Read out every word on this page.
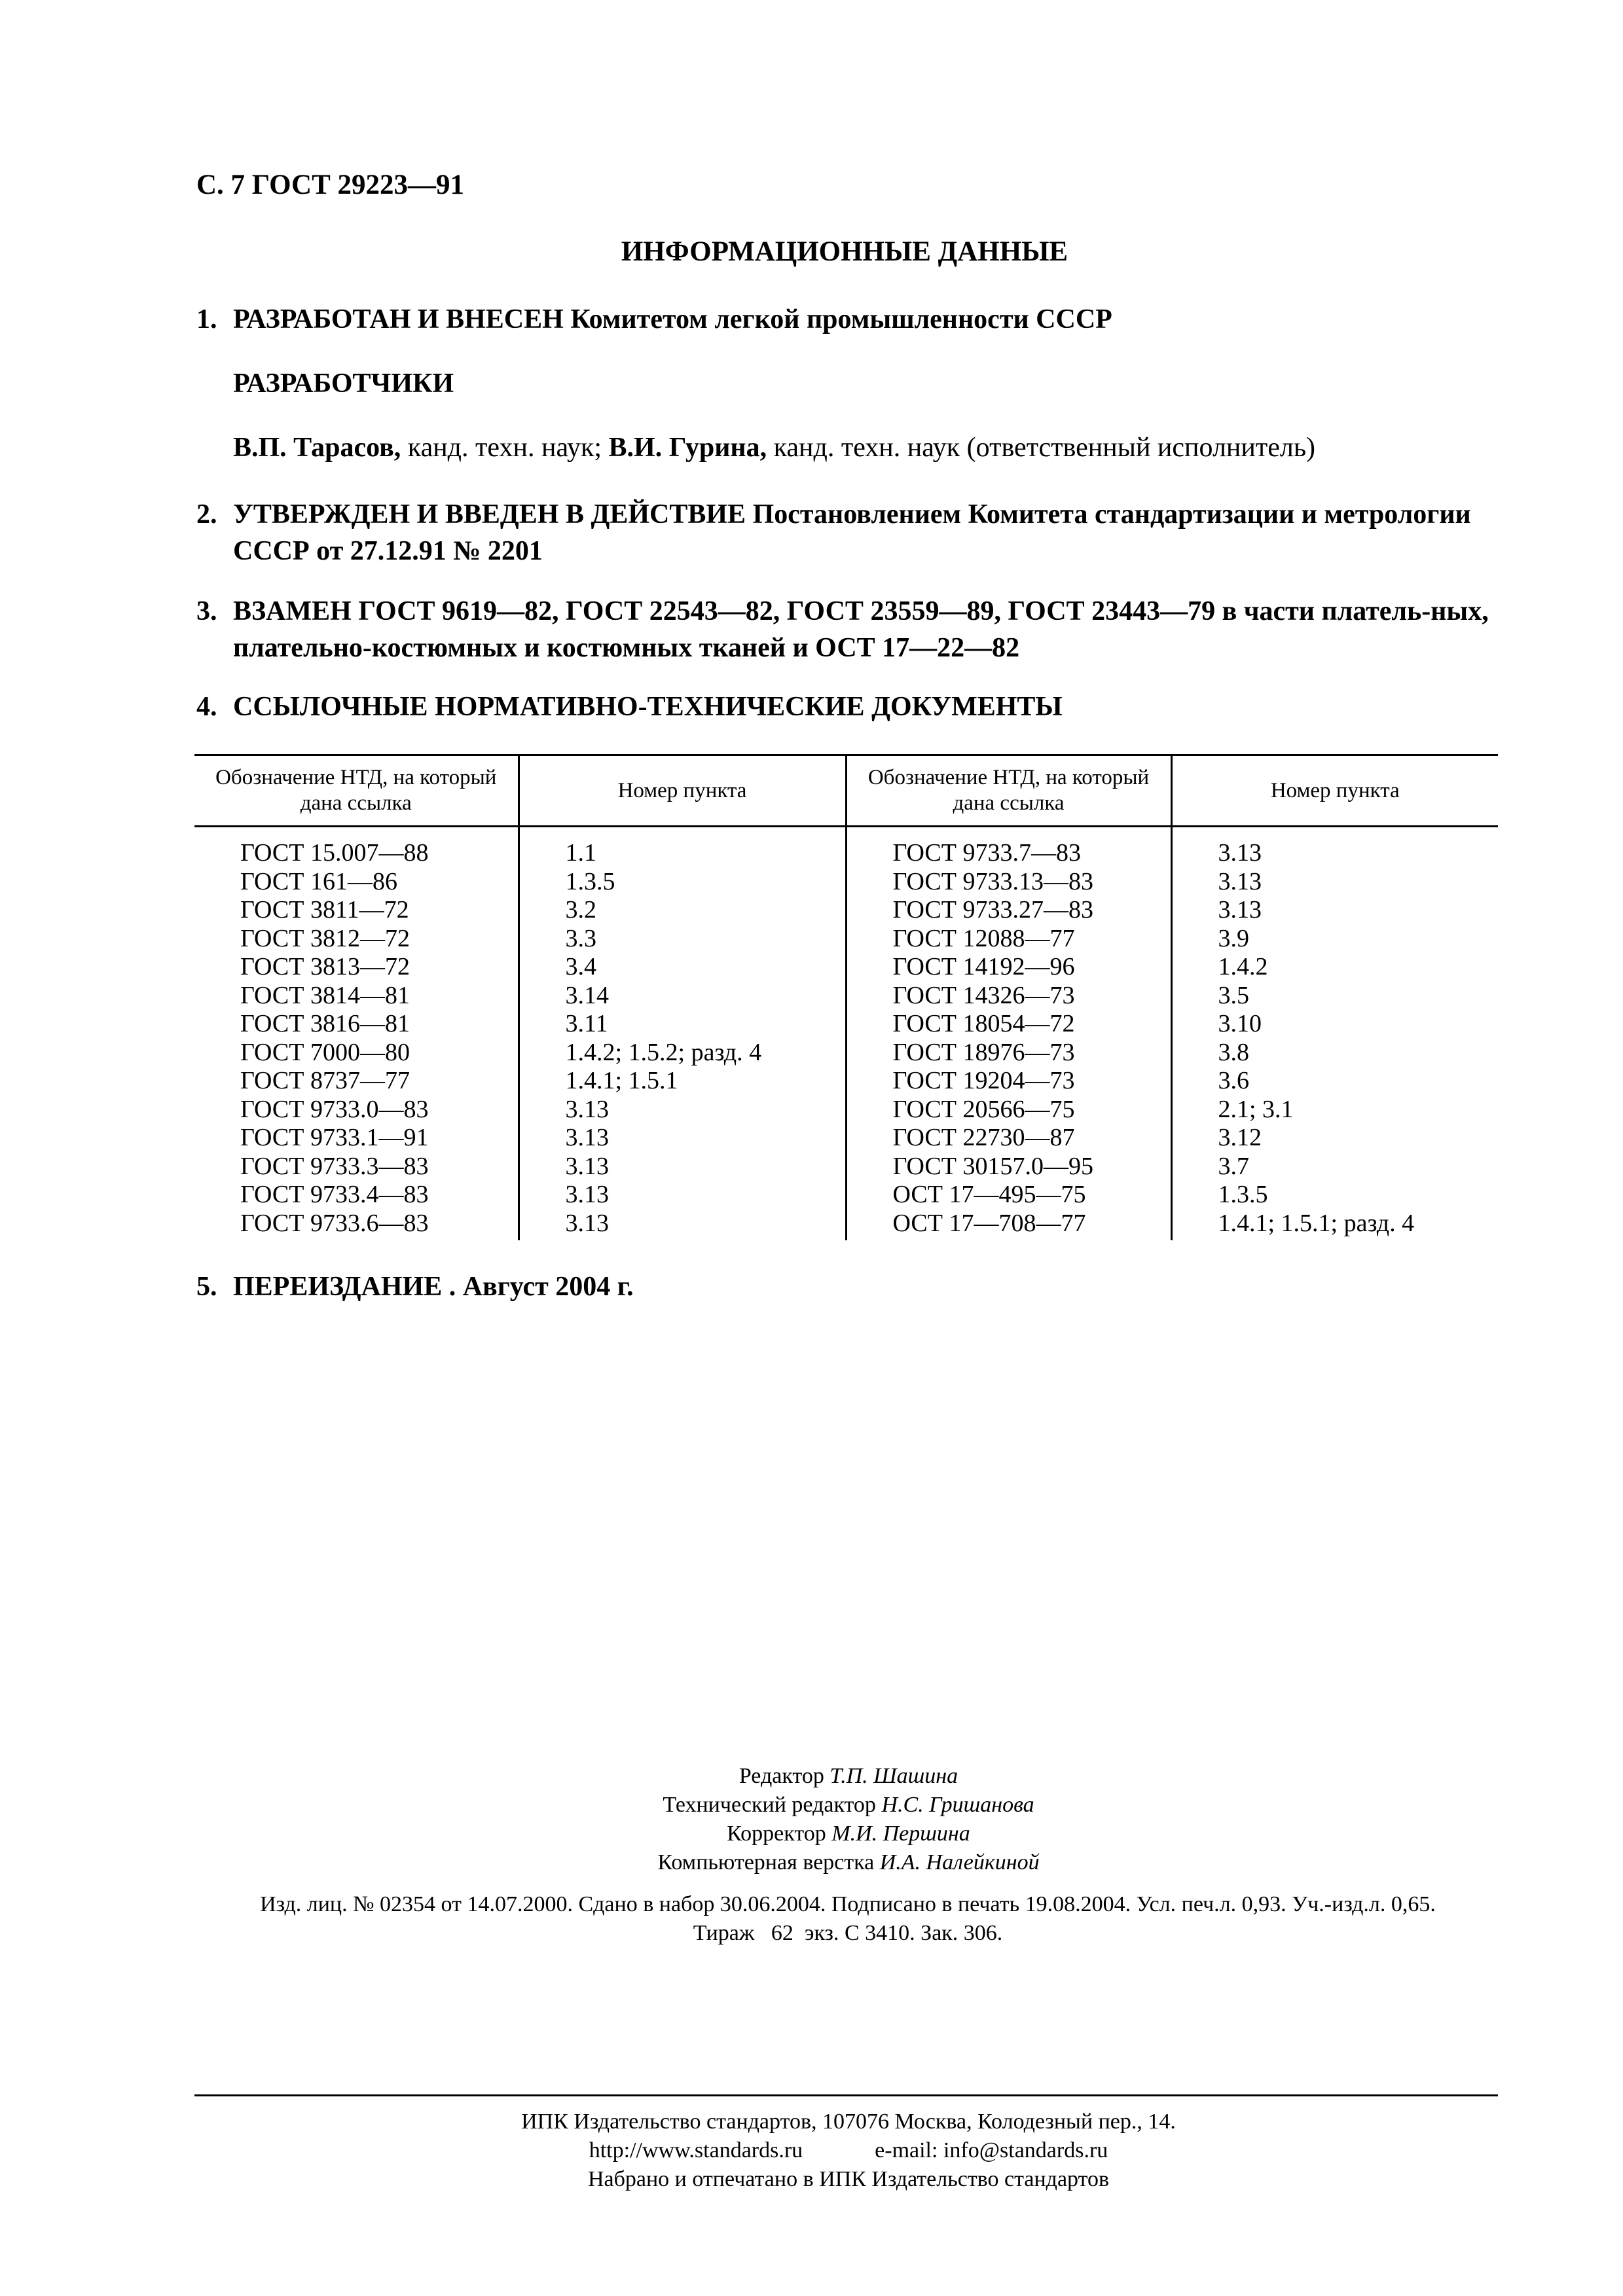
С. 7 ГОСТ 29223—91
ИНФОРМАЦИОННЫЕ ДАННЫЕ
1. РАЗРАБОТАН И ВНЕСЕН Комитетом легкой промышленности СССР
РАЗРАБОТЧИКИ
В.П. Тарасов, канд. техн. наук; В.И. Гурина, канд. техн. наук (ответственный исполнитель)
2. УТВЕРЖДЕН И ВВЕДЕН В ДЕЙСТВИЕ Постановлением Комитета стандартизации и метрологии СССР от 27.12.91 № 2201
3. ВЗАМЕН ГОСТ 9619—82, ГОСТ 22543—82, ГОСТ 23559—89, ГОСТ 23443—79 в части платель-ных, плательно-костюмных и костюмных тканей и ОСТ 17—22—82
4. ССЫЛОЧНЫЕ НОРМАТИВНО-ТЕХНИЧЕСКИЕ ДОКУМЕНТЫ
Обозначение НТД, на который дана ссылка	Номер пункта	Обозначение НТД, на который дана ссылка	Номер пункта
ГОСТ 15.007—88	1.1	ГОСТ 9733.7—83	3.13
ГОСТ 161—86	1.3.5	ГОСТ 9733.13—83	3.13
ГОСТ 3811—72	3.2	ГОСТ 9733.27—83	3.13
ГОСТ 3812—72	3.3	ГОСТ 12088—77	3.9
ГОСТ 3813—72	3.4	ГОСТ 14192—96	1.4.2
ГОСТ 3814—81	3.14	ГОСТ 14326—73	3.5
ГОСТ 3816—81	3.11	ГОСТ 18054—72	3.10
ГОСТ 7000—80	1.4.2; 1.5.2; разд. 4	ГОСТ 18976—73	3.8
ГОСТ 8737—77	1.4.1; 1.5.1	ГОСТ 19204—73	3.6
ГОСТ 9733.0—83	3.13	ГОСТ 20566—75	2.1; 3.1
ГОСТ 9733.1—91	3.13	ГОСТ 22730—87	3.12
ГОСТ 9733.3—83	3.13	ГОСТ 30157.0—95	3.7
ГОСТ 9733.4—83	3.13	ОСТ 17—495—75	1.3.5
ГОСТ 9733.6—83	3.13	ОСТ 17—708—77	1.4.1; 1.5.1; разд. 4
5. ПЕРЕИЗДАНИЕ . Август 2004 г.
Редактор Т.П. Шашина
Технический редактор Н.С. Гришанова
Корректор М.И. Першина
Компьютерная верстка И.А. Налейкиной
Изд. лиц. № 02354 от 14.07.2000. Сдано в набор 30.06.2004. Подписано в печать 19.08.2004. Усл. печ.л. 0,93. Уч.-изд.л. 0,65.
Тираж   62  экз. С 3410. Зак. 306.
ИПК Издательство стандартов, 107076 Москва, Колодезный пер., 14.
http://www.standards.ru	e-mail: info@standards.ru
Набрано и отпечатано в ИПК Издательство стандартов
